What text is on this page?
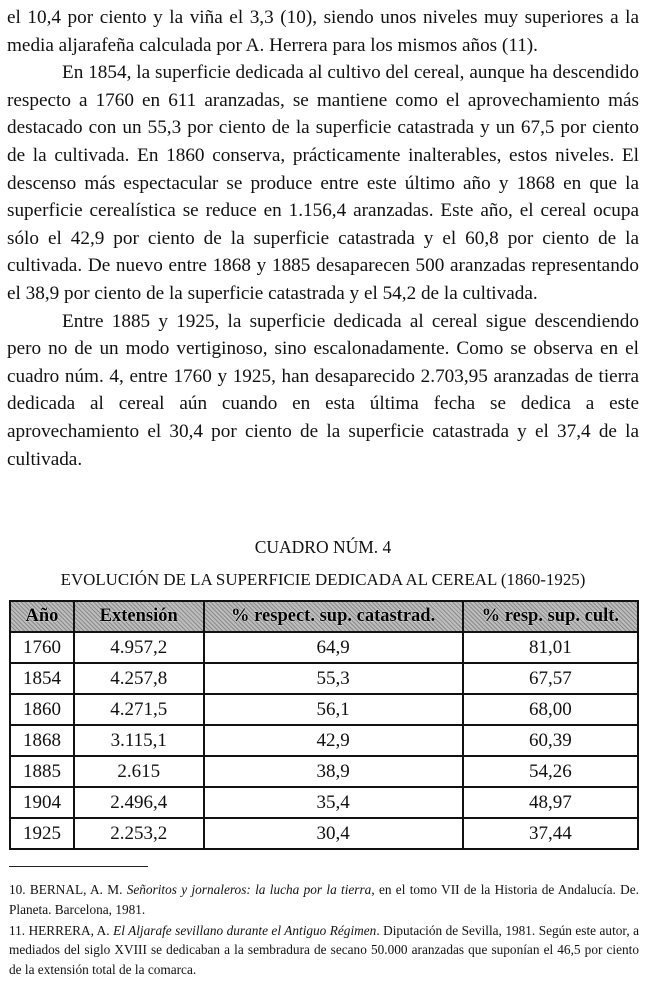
el 10,4 por ciento y la viña el 3,3 (10), siendo unos niveles muy superiores a la media aljarafeña calculada por A. Herrera para los mismos años (11).

En 1854, la superficie dedicada al cultivo del cereal, aunque ha descendido respecto a 1760 en 611 aranzadas, se mantiene como el aprovechamiento más destacado con un 55,3 por ciento de la superficie catastrada y un 67,5 por ciento de la cultivada. En 1860 conserva, prácticamente inalterables, estos niveles. El descenso más espectacular se produce entre este último año y 1868 en que la superficie cerealística se reduce en 1.156,4 aranzadas. Este año, el cereal ocupa sólo el 42,9 por ciento de la superficie catastrada y el 60,8 por ciento de la cultivada. De nuevo entre 1868 y 1885 desaparecen 500 aranzadas representando el 38,9 por ciento de la superficie catastrada y el 54,2 de la cultivada.

Entre 1885 y 1925, la superficie dedicada al cereal sigue descendiendo pero no de un modo vertiginoso, sino escalonadamente. Como se observa en el cuadro núm. 4, entre 1760 y 1925, han desaparecido 2.703,95 aranzadas de tierra dedicada al cereal aún cuando en esta última fecha se dedica a este aprovechamiento el 30,4 por ciento de la superficie catastrada y el 37,4 de la cultivada.

CUADRO NÚM. 4
EVOLUCIÓN DE LA SUPERFICIE DEDICADA AL CEREAL (1860-1925)
Año	Extensión	% respect. sup. catastrad.	% resp. sup. cult.
1760	4.957,2	64,9	81,01
1854	4.257,8	55,3	67,57
1860	4.271,5	56,1	68,00
1868	3.115,1	42,9	60,39
1885	2.615	38,9	54,26
1904	2.496,4	35,4	48,97
1925	2.253,2	30,4	37,44

10. BERNAL, A. M. Señoritos y jornaleros: la lucha por la tierra, en el tomo VII de la Historia de Andalucía. De. Planeta. Barcelona, 1981.

11. HERRERA, A. El Aljarafe sevillano durante el Antiguo Régimen. Diputación de Sevilla, 1981. Según este autor, a mediados del siglo XVIII se dedicaban a la sembradura de secano 50.000 aranzadas que suponían el 46,5 por ciento de la extensión total de la comarca.
